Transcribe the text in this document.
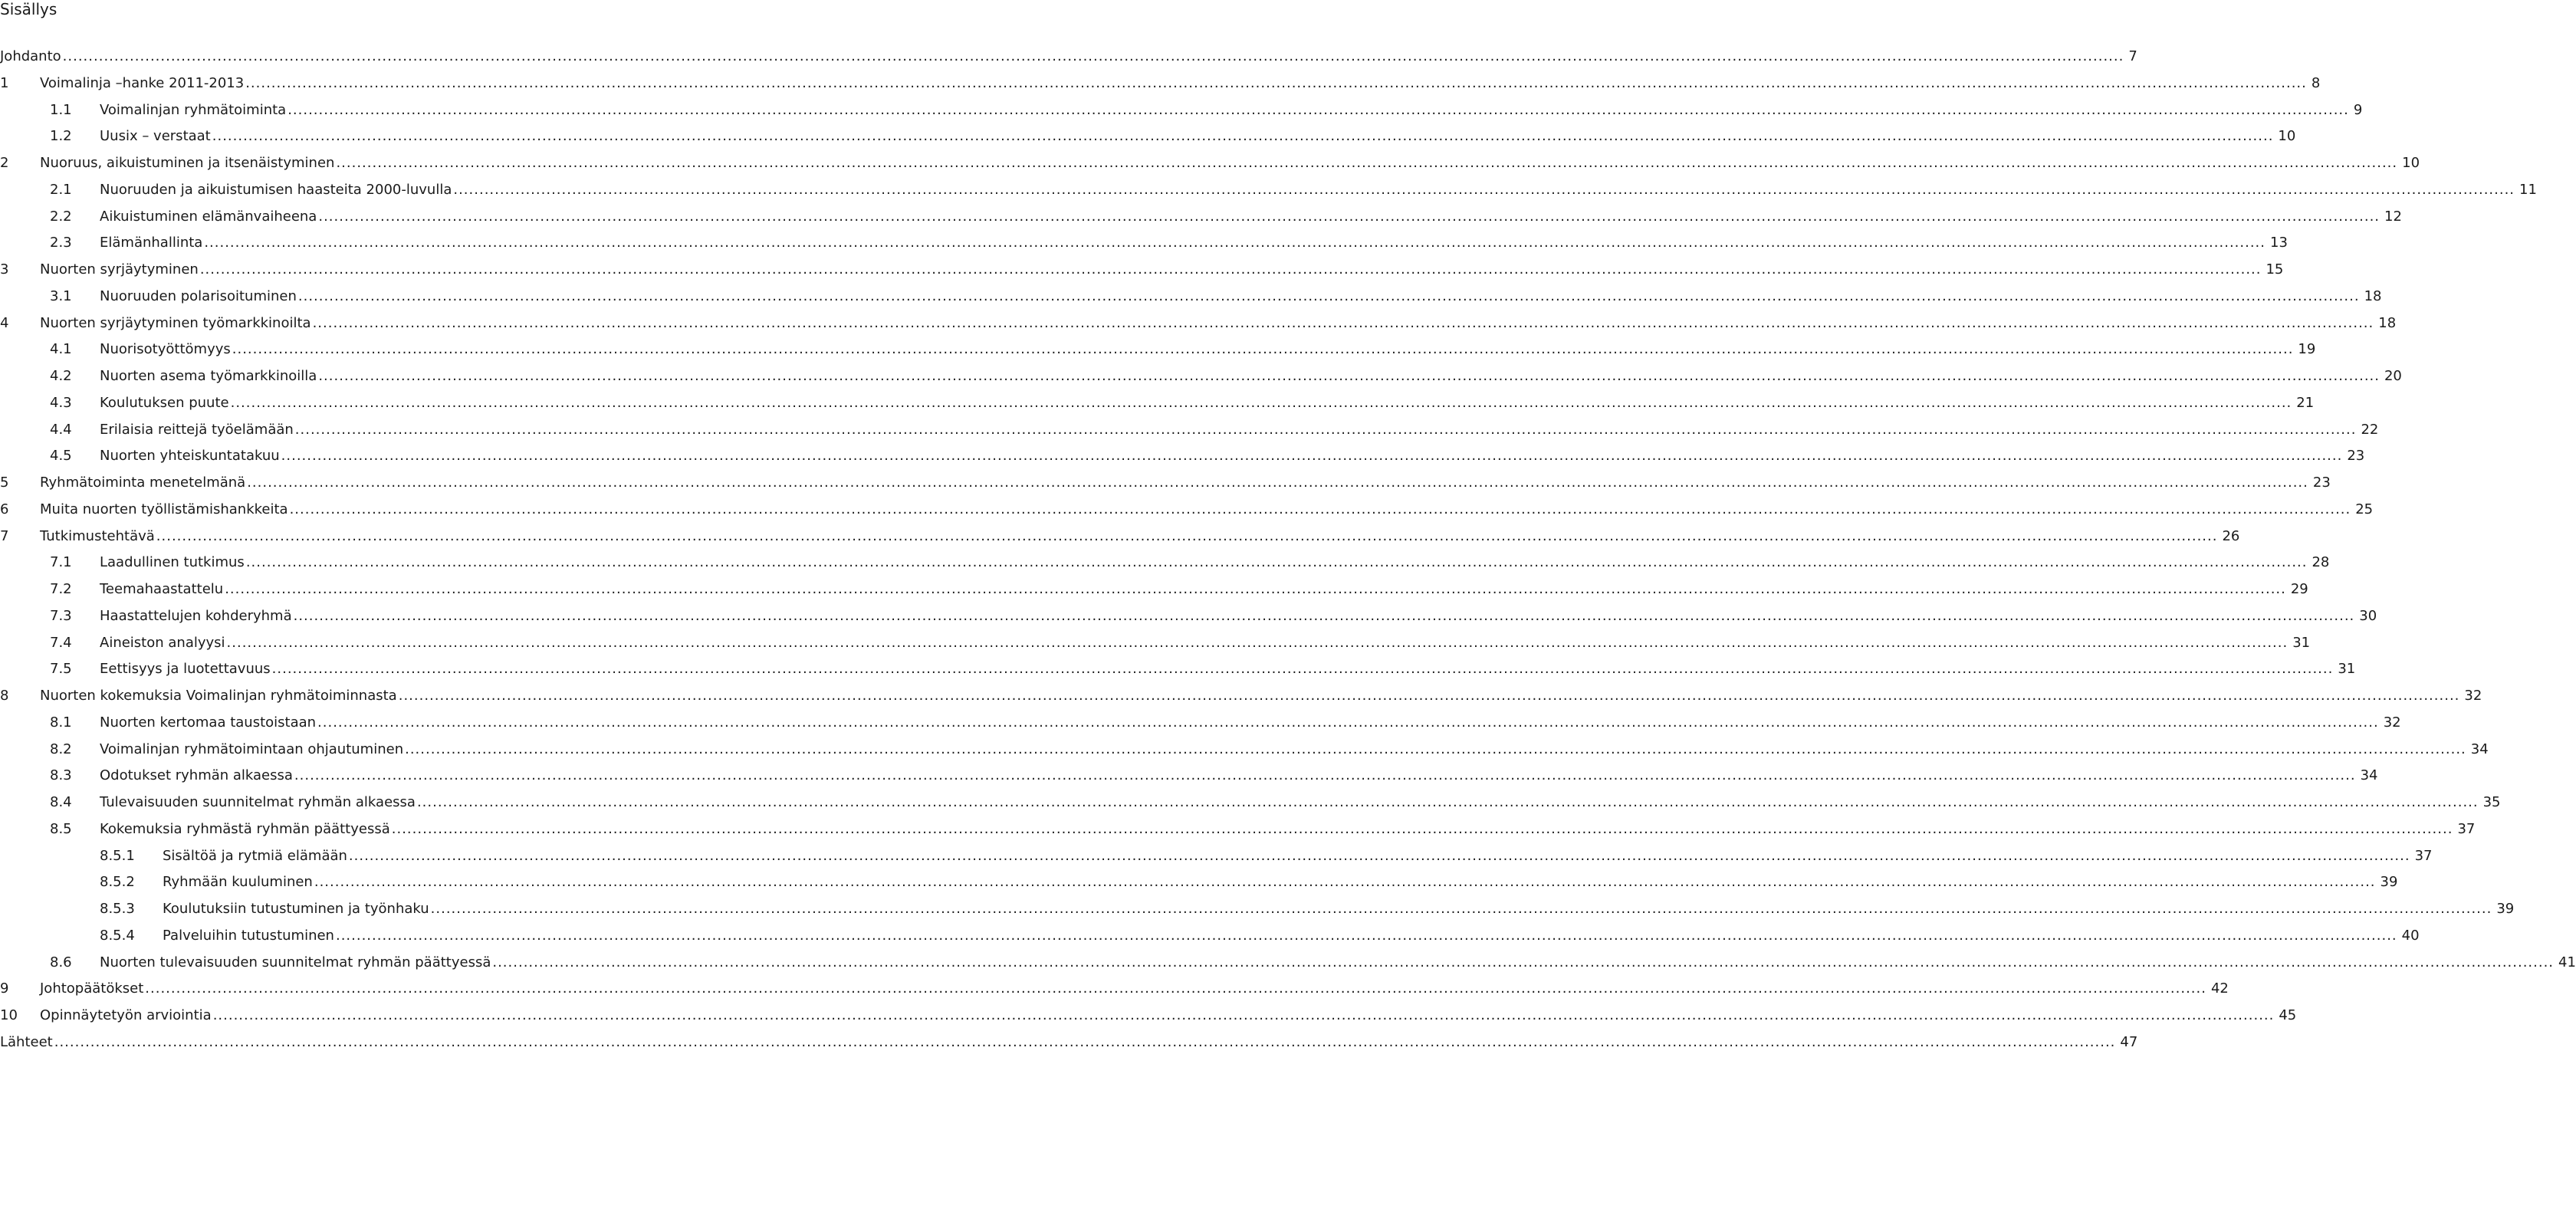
Sisällys
Johdanto ................................................................................................................................................................................................................................................................................................................................................................................................................ 7
1 Voimalinja –hanke 2011-2013 ................................................................................................................................................................................................................................................................................................................................................................................................................ 8
1.1 Voimalinjan ryhmätoiminta ................................................................................................................................................................................................................................................................................................................................................................................................................ 9
1.2 Uusix – verstaat ................................................................................................................................................................................................................................................................................................................................................................................................................ 10
2 Nuoruus, aikuistuminen ja itsenäistyminen ................................................................................................................................................................................................................................................................................................................................................................................................................ 10
2.1 Nuoruuden ja aikuistumisen haasteita 2000-luvulla ................................................................................................................................................................................................................................................................................................................................................................................................................ 11
2.2 Aikuistuminen elämänvaiheena ................................................................................................................................................................................................................................................................................................................................................................................................................ 12
2.3 Elämänhallinta ................................................................................................................................................................................................................................................................................................................................................................................................................ 13
3 Nuorten syrjäytyminen ................................................................................................................................................................................................................................................................................................................................................................................................................ 15
3.1 Nuoruuden polarisoituminen ................................................................................................................................................................................................................................................................................................................................................................................................................ 18
4 Nuorten syrjäytyminen työmarkkinoilta ................................................................................................................................................................................................................................................................................................................................................................................................................ 18
4.1 Nuorisotyöttömyys ................................................................................................................................................................................................................................................................................................................................................................................................................ 19
4.2 Nuorten asema työmarkkinoilla ................................................................................................................................................................................................................................................................................................................................................................................................................ 20
4.3 Koulutuksen puute ................................................................................................................................................................................................................................................................................................................................................................................................................ 21
4.4 Erilaisia reittejä työelämään ................................................................................................................................................................................................................................................................................................................................................................................................................ 22
4.5 Nuorten yhteiskuntatakuu ................................................................................................................................................................................................................................................................................................................................................................................................................ 23
5 Ryhmätoiminta menetelmänä ................................................................................................................................................................................................................................................................................................................................................................................................................ 23
6 Muita nuorten työllistämishankkeita ................................................................................................................................................................................................................................................................................................................................................................................................................ 25
7 Tutkimustehtävä ................................................................................................................................................................................................................................................................................................................................................................................................................ 26
7.1 Laadullinen tutkimus ................................................................................................................................................................................................................................................................................................................................................................................................................ 28
7.2 Teemahaastattelu ................................................................................................................................................................................................................................................................................................................................................................................................................ 29
7.3 Haastattelujen kohderyhmä ................................................................................................................................................................................................................................................................................................................................................................................................................ 30
7.4 Aineiston analyysi ................................................................................................................................................................................................................................................................................................................................................................................................................ 31
7.5 Eettisyys ja luotettavuus ................................................................................................................................................................................................................................................................................................................................................................................................................ 31
8 Nuorten kokemuksia Voimalinjan ryhmätoiminnasta ................................................................................................................................................................................................................................................................................................................................................................................................................ 32
8.1 Nuorten kertomaa taustoistaan ................................................................................................................................................................................................................................................................................................................................................................................................................ 32
8.2 Voimalinjan ryhmätoimintaan ohjautuminen ................................................................................................................................................................................................................................................................................................................................................................................................................ 34
8.3 Odotukset ryhmän alkaessa ................................................................................................................................................................................................................................................................................................................................................................................................................ 34
8.4 Tulevaisuuden suunnitelmat ryhmän alkaessa ................................................................................................................................................................................................................................................................................................................................................................................................................ 35
8.5 Kokemuksia ryhmästä ryhmän päättyessä ................................................................................................................................................................................................................................................................................................................................................................................................................ 37
8.5.1 Sisältöä ja rytmiä elämään ................................................................................................................................................................................................................................................................................................................................................................................................................ 37
8.5.2 Ryhmään kuuluminen ................................................................................................................................................................................................................................................................................................................................................................................................................ 39
8.5.3 Koulutuksiin tutustuminen ja työnhaku ................................................................................................................................................................................................................................................................................................................................................................................................................ 39
8.5.4 Palveluihin tutustuminen ................................................................................................................................................................................................................................................................................................................................................................................................................ 40
8.6 Nuorten tulevaisuuden suunnitelmat ryhmän päättyessä ................................................................................................................................................................................................................................................................................................................................................................................................................ 41
9 Johtopäätökset ................................................................................................................................................................................................................................................................................................................................................................................................................ 42
10 Opinnäytetyön arviointia ................................................................................................................................................................................................................................................................................................................................................................................................................ 45
Lähteet ................................................................................................................................................................................................................................................................................................................................................................................................................ 47
